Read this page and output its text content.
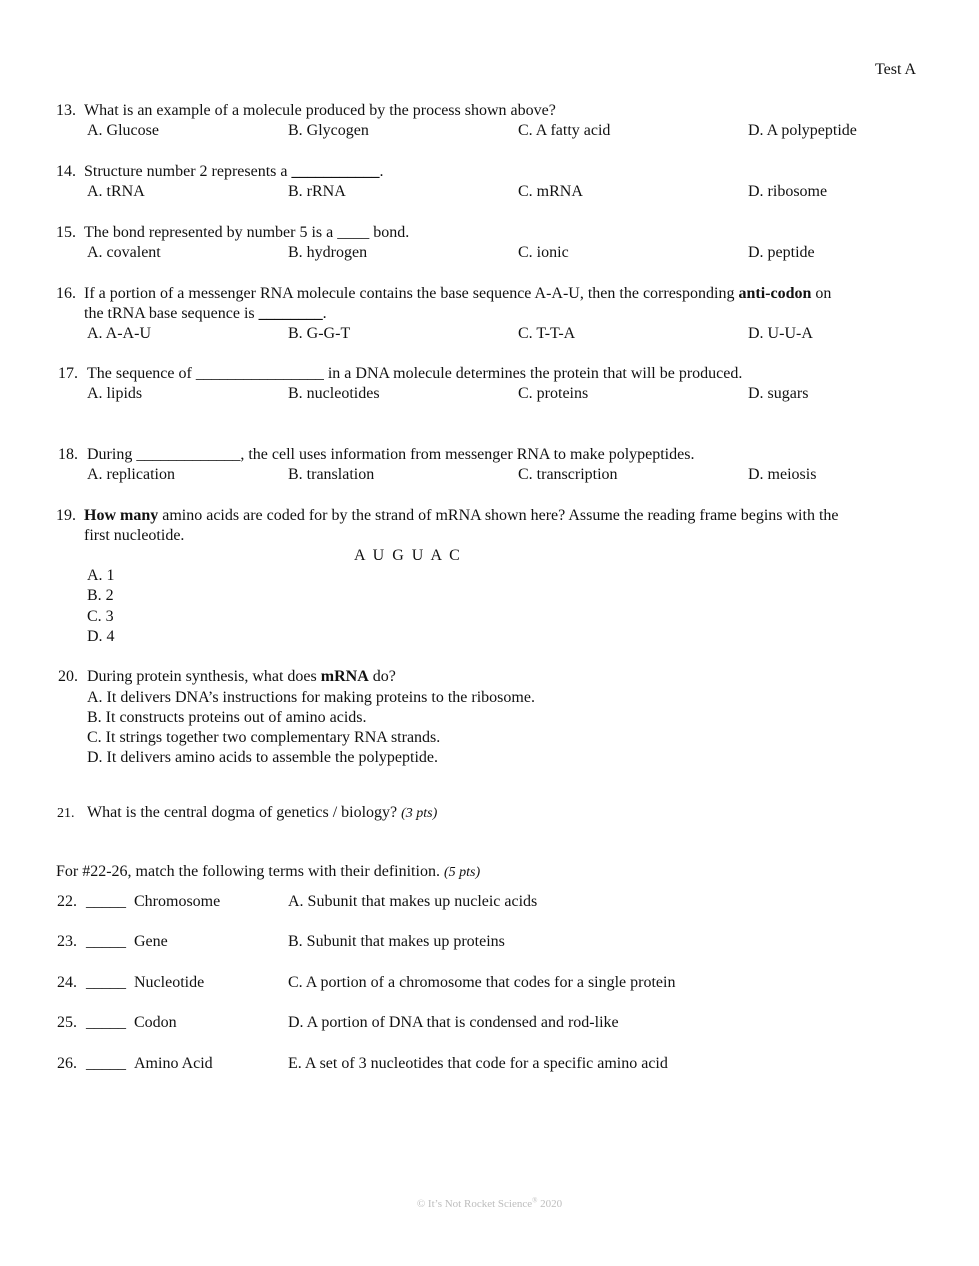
Test A
13. What is an example of a molecule produced by the process shown above?
A. Glucose	B. Glycogen	C. A fatty acid	D. A polypeptide
14. Structure number 2 represents a ___________.
A. tRNA	B. rRNA	C. mRNA	D. ribosome
15. The bond represented by number 5 is a ____ bond.
A. covalent	B. hydrogen	C. ionic	D. peptide
16. If a portion of a messenger RNA molecule contains the base sequence A-A-U, then the corresponding anti-codon on
the tRNA base sequence is ________.
A. A-A-U	B. G-G-T	C. T-T-A	D. U-U-A
17. The sequence of ________________ in a DNA molecule determines the protein that will be produced.
A. lipids	B. nucleotides	C. proteins	D. sugars
18. During _____________, the cell uses information from messenger RNA to make polypeptides.
A. replication	B. translation	C. transcription	D. meiosis
19. How many amino acids are coded for by the strand of mRNA shown here? Assume the reading frame begins with the
first nucleotide.
A  U  G  U  A  C
A. 1
B. 2
C. 3
D. 4
20. During protein synthesis, what does mRNA do?
A. It delivers DNA’s instructions for making proteins to the ribosome.
B. It constructs proteins out of amino acids.
C. It strings together two complementary RNA strands.
D. It delivers amino acids to assemble the polypeptide.
21. What is the central dogma of genetics / biology? (3 pts)
For #22-26, match the following terms with their definition. (5 pts)
22. _____ Chromosome	A. Subunit that makes up nucleic acids
23. _____ Gene	B. Subunit that makes up proteins
24. _____ Nucleotide	C. A portion of a chromosome that codes for a single protein
25. _____ Codon	D. A portion of DNA that is condensed and rod-like
26. _____ Amino Acid	E. A set of 3 nucleotides that code for a specific amino acid
© It’s Not Rocket Science® 2020
